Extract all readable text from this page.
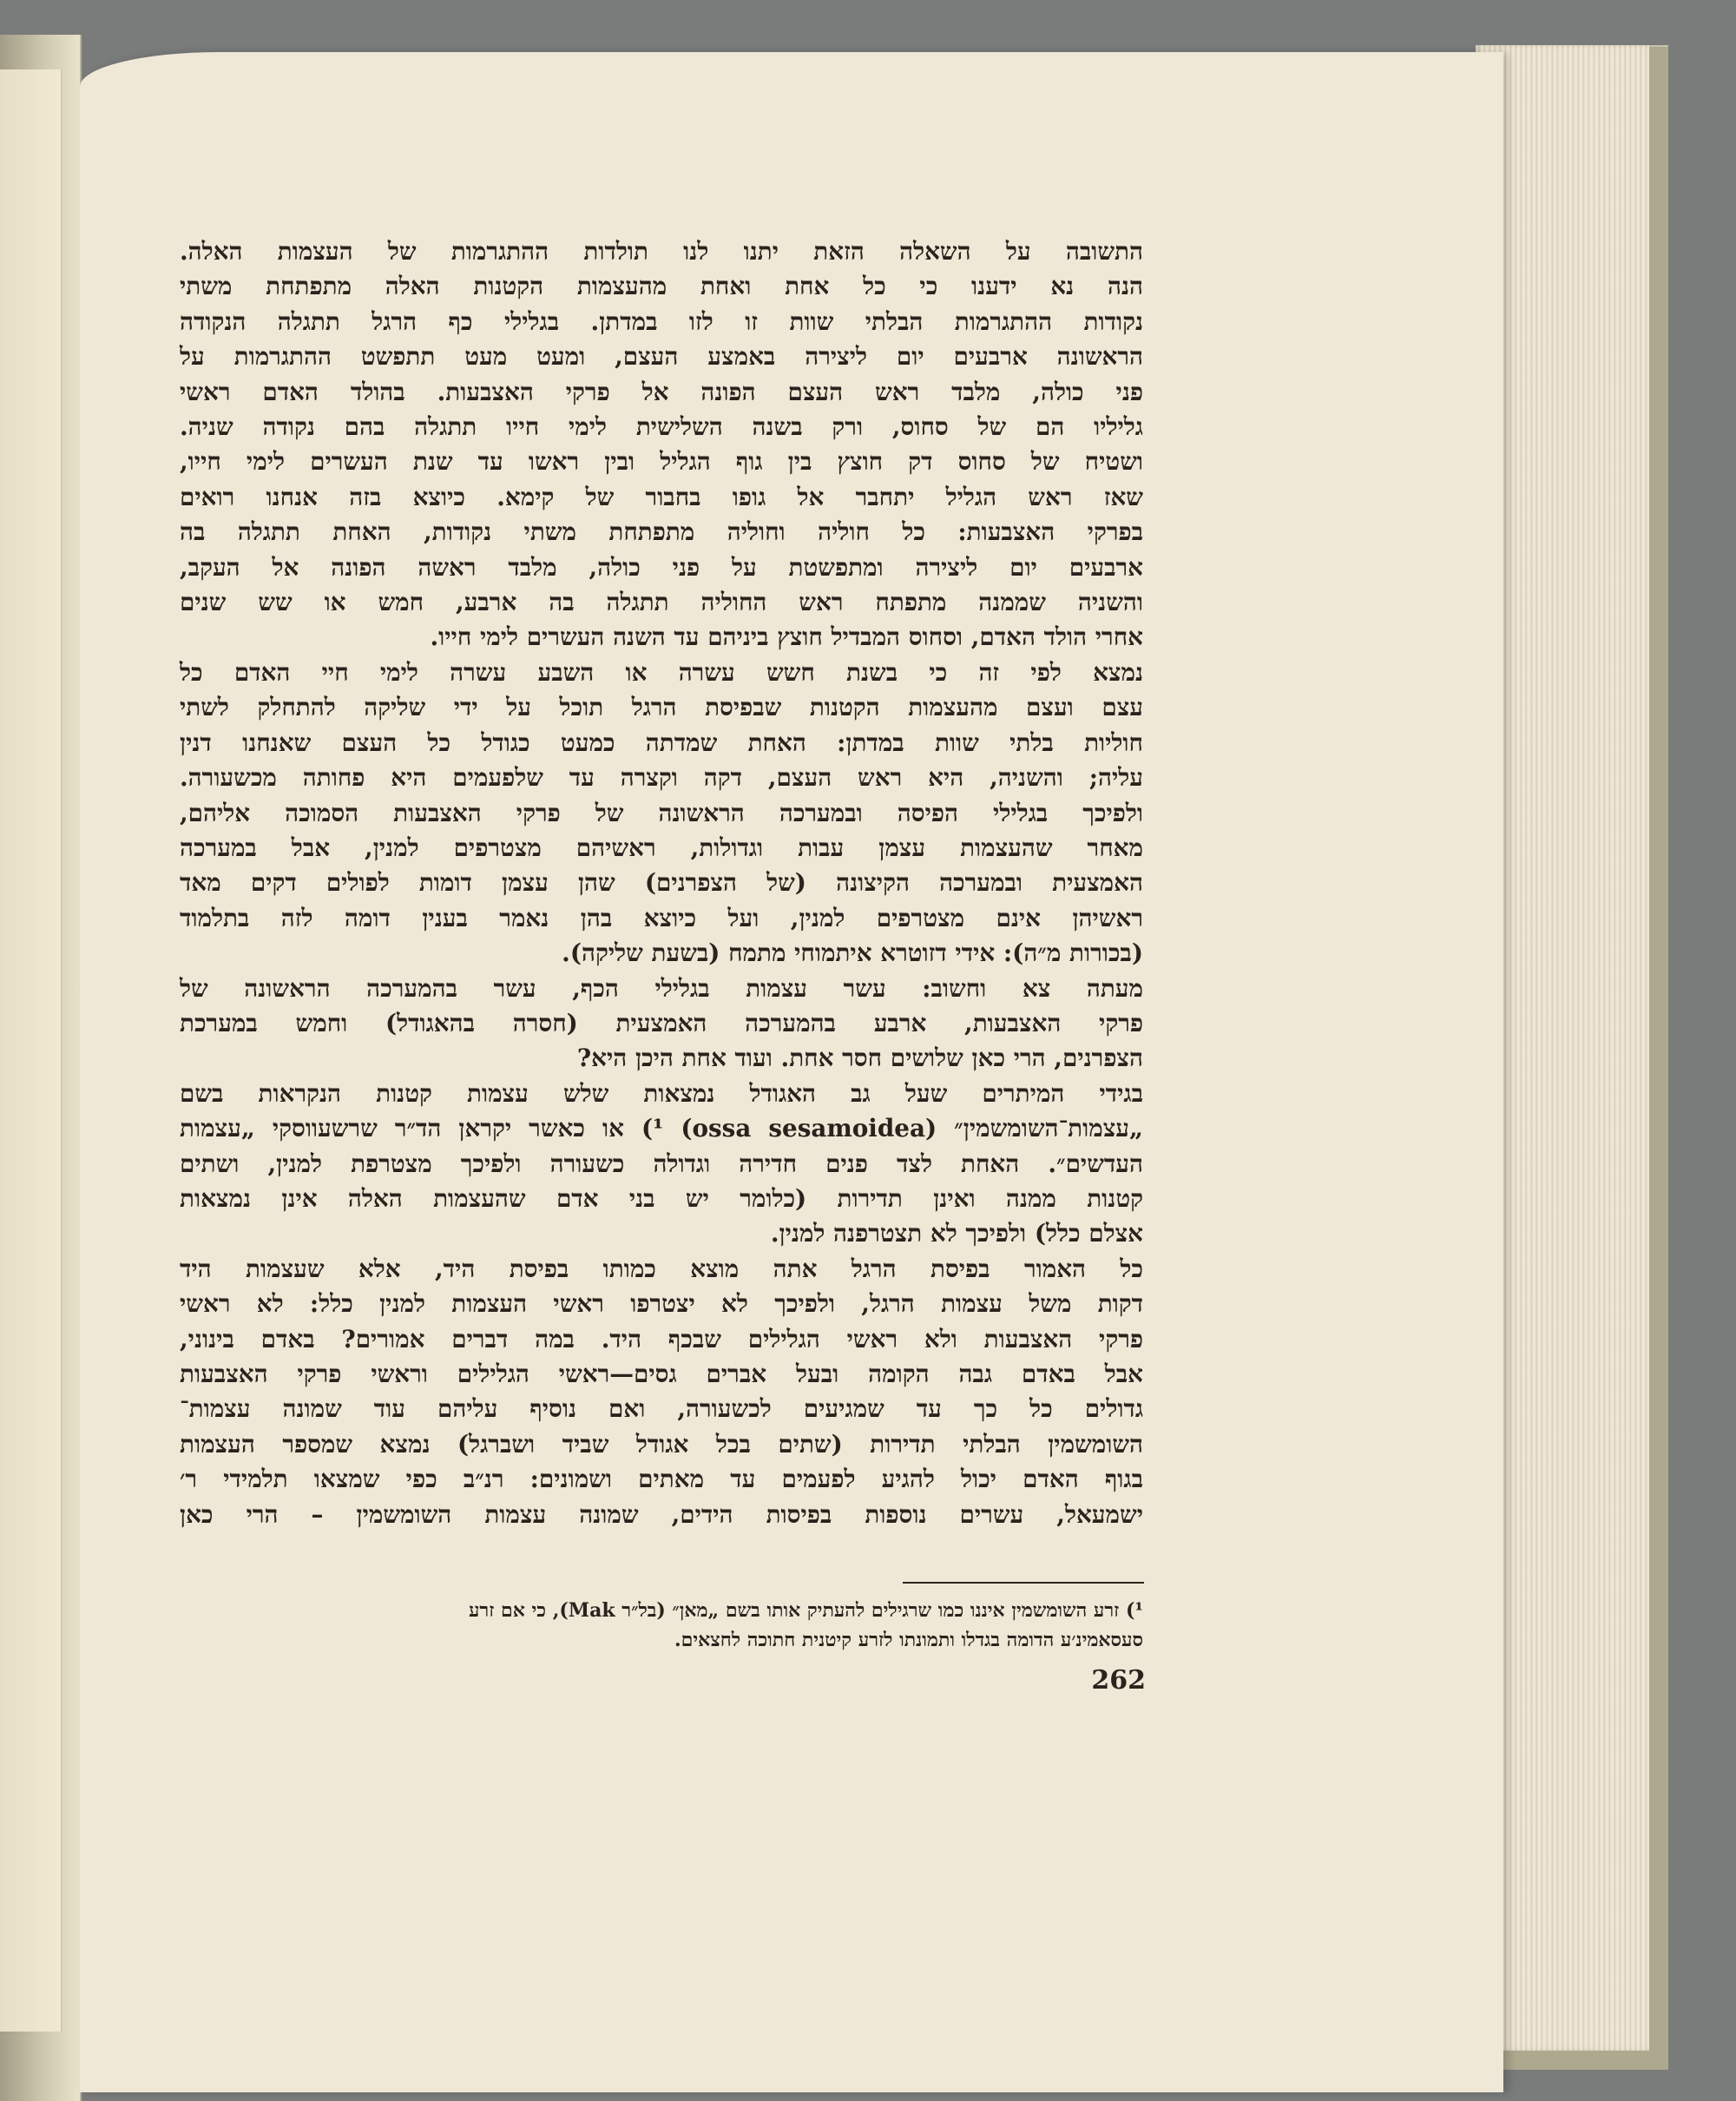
התשובה על השאלה הזאת יתנו לנו תולדות ההתגרמות של העצמות האלה.
הנה נא ידענו כי כל אחת ואחת מהעצמות הקטנות האלה מתפתחת משתי
נקודות ההתגרמות הבלתי שוות זו לזו במדתן. בגלילי כף הרגל תתגלה הנקודה
הראשונה ארבעים יום ליצירה באמצע העצם, ומעט מעט תתפשט ההתגרמות על
פני כולה, מלבד ראש העצם הפונה אל פרקי האצבעות. בהולד האדם ראשי
גליליו הם של סחוס, ורק בשנה השלישית לימי חייו תתגלה בהם נקודה שניה.
ושטיח של סחוס דק חוצץ בין גוף הגליל ובין ראשו עד שנת העשרים לימי חייו,
שאז ראש הגליל יתחבר אל גופו בחבור של קימא. כיוצא בזה אנחנו רואים
בפרקי האצבעות: כל חוליה וחוליה מתפתחת משתי נקודות, האחת תתגלה בה
ארבעים יום ליצירה ומתפשטת על פני כולה, מלבד ראשה הפונה אל העקב,
והשניה שממנה מתפתח ראש החוליה תתגלה בה ארבע, חמש או שש שנים
אחרי הולד האדם, וסחוס המבדיל חוצץ ביניהם עד השנה העשרים לימי חייו.
נמצא לפי זה כי בשנת חשש עשרה או השבע עשרה לימי חיי האדם כל
עצם ועצם מהעצמות הקטנות שבפיסת הרגל תוכל על ידי שליקה להתחלק לשתי
חוליות בלתי שוות במדתן: האחת שמדתה כמעט כגודל כל העצם שאנחנו דנין
עליה; והשניה, היא ראש העצם, דקה וקצרה עד שלפעמים היא פחותה מכשעורה.
ולפיכך בגלילי הפיסה ובמערכה הראשונה של פרקי האצבעות הסמוכה אליהם,
מאחר שהעצמות עצמן עבות וגדולות, ראשיהם מצטרפים למנין, אבל במערכה
האמצעית ובמערכה הקיצונה (של הצפרנים) שהן עצמן דומות לפולים דקים מאד
ראשיהן אינם מצטרפים למנין, ועל כיוצא בהן נאמר בענין דומה לזה בתלמוד
(בכורות מ״ה): אידי דזוטרא איתמוחי מתמח (בשעת שליקה).
מעתה צא וחשוב: עשר עצמות בגלילי הכף, עשר בהמערכה הראשונה של
פרקי האצבעות, ארבע בהמערכה האמצעית (חסרה בהאגודל) וחמש במערכת
הצפרנים, הרי כאן שלושים חסר אחת. ועוד אחת היכן היא?
בגידי המיתרים שעל גב האגודל נמצאות שלש עצמות קטנות הנקראות בשם
„עצמות־השומשמין״ (ossa sesamoidea) ¹) או כאשר יקראן הד״ר שרשעווסקי „עצמות
העדשים״. האחת לצד פנים חדירה וגדולה כשעורה ולפיכך מצטרפת למנין, ושתים
קטנות ממנה ואינן תדירות (כלומר יש בני אדם שהעצמות האלה אינן נמצאות
אצלם כלל) ולפיכך לא תצטרפנה למנין.
כל האמור בפיסת הרגל אתה מוצא כמותו בפיסת היד, אלא שעצמות היד
דקות משל עצמות הרגל, ולפיכך לא יצטרפו ראשי העצמות למנין כלל: לא ראשי
פרקי האצבעות ולא ראשי הגלילים שבכף היד. במה דברים אמורים? באדם בינוני,
אבל באדם גבה הקומה ובעל אברים גסים—ראשי הגלילים וראשי פרקי האצבעות
גדולים כל כך עד שמגיעים לכשעורה, ואם נוסיף עליהם עוד שמונה עצמות־
השומשמין הבלתי תדירות (שתים בכל אגודל שביד ושברגל) נמצא שמספר העצמות
בגוף האדם יכול להגיע לפעמים עד מאתים ושמונים: רנ״ב כפי שמצאו תלמידי ר׳
ישמעאל, עשרים נוספות בפיסות הידים, שמונה עצמות השומשמין – הרי כאן
¹) זרע השומשמין איננו כמו שרגילים להעתיק אותו בשם „מאן״ (בל״ר Mak), כי אם זרע
סעסאמינ׳ע הדומה בגדלו ותמונתו לזרע קיטנית חתוכה לחצאים.
262
